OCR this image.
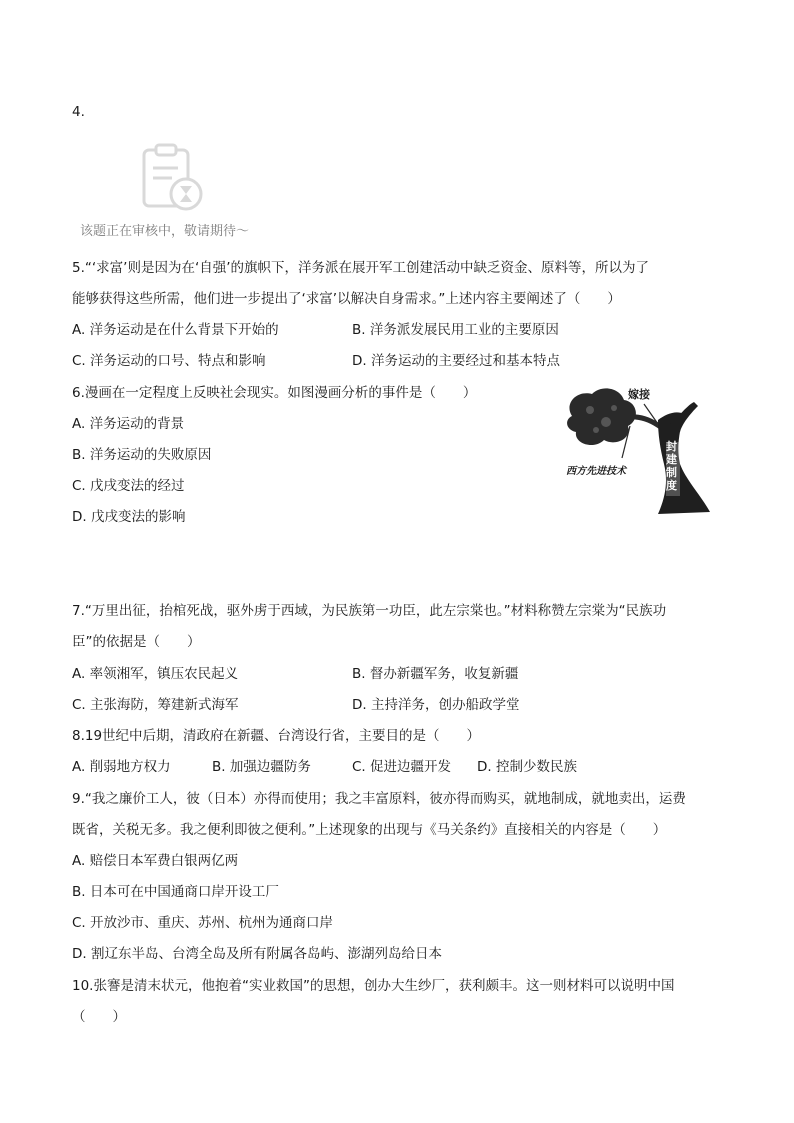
4.
该题正在审核中，敬请期待～
5.“‘求富’则是因为在‘自强’的旗帜下，洋务派在展开军工创建活动中缺乏资金、原料等，所以为了
能够获得这些所需，他们进一步提出了‘求富’以解决自身需求。”上述内容主要阐述了（　　）
A. 洋务运动是在什么背景下开始的	B. 洋务派发展民用工业的主要原因
C. 洋务运动的口号、特点和影响	D. 洋务运动的主要经过和基本特点
6.漫画在一定程度上反映社会现实。如图漫画分析的事件是（　　）
A. 洋务运动的背景
B. 洋务运动的失败原因
C. 戊戌变法的经过
D. 戊戌变法的影响
嫁接
西方先进技术
封建制度
7.“万里出征，抬棺死战，驱外虏于西域，为民族第一功臣，此左宗棠也。”材料称赞左宗棠为“民族功
臣”的依据是（　　）
A. 率领湘军，镇压农民起义	B. 督办新疆军务，收复新疆
C. 主张海防，筹建新式海军	D. 主持洋务，创办船政学堂
8.19世纪中后期，清政府在新疆、台湾设行省，主要目的是（　　）
A. 削弱地方权力	B. 加强边疆防务	C. 促进边疆开发 D. 控制少数民族
9.“我之廉价工人，彼（日本）亦得而使用；我之丰富原料，彼亦得而购买，就地制成，就地卖出，运费
既省，关税无多。我之便利即彼之便利。”上述现象的出现与《马关条约》直接相关的内容是（　　）
A. 赔偿日本军费白银两亿两
B. 日本可在中国通商口岸开设工厂
C. 开放沙市、重庆、苏州、杭州为通商口岸
D. 割辽东半岛、台湾全岛及所有附属各岛屿、澎湖列岛给日本
10.张謇是清末状元，他抱着“实业救国”的思想，创办大生纱厂，获利颇丰。这一则材料可以说明中国
（　　）
